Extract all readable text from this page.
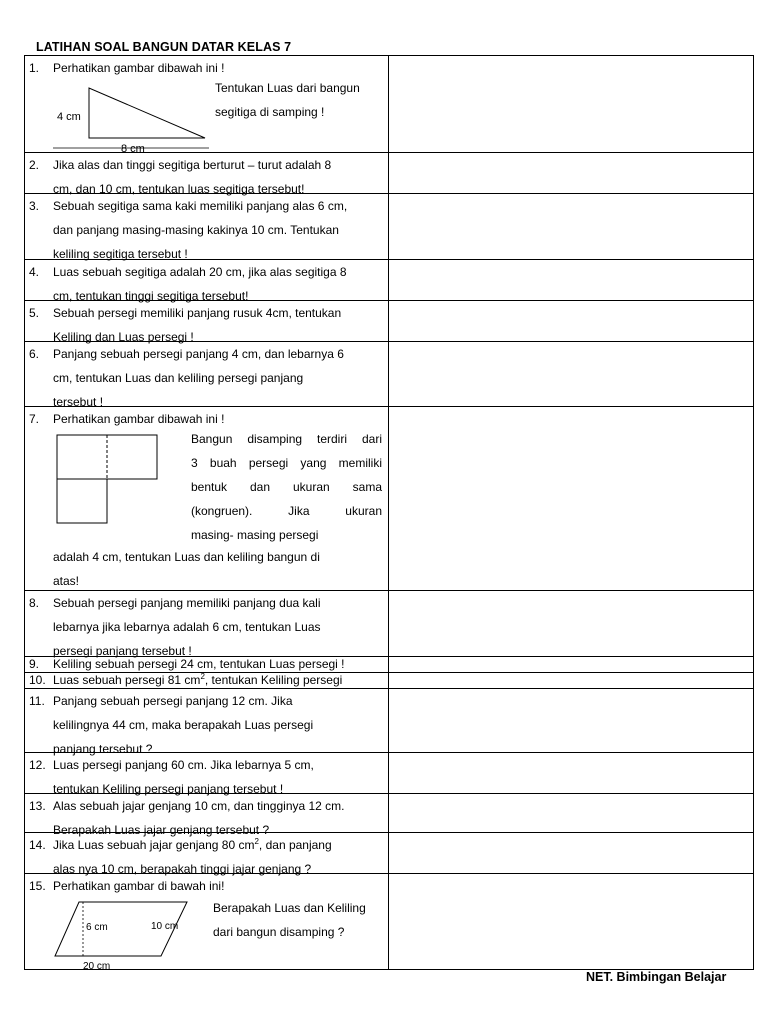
LATIHAN SOAL BANGUN DATAR KELAS 7
1. Perhatikan gambar dibawah ini !
4 cm
8 cm
Tentukan Luas dari bangun
segitiga di samping !
2. Jika alas dan tinggi segitiga berturut – turut adalah 8
cm, dan 10 cm, tentukan luas segitiga tersebut!
3. Sebuah segitiga sama kaki memiliki panjang alas 6 cm,
dan panjang masing-masing kakinya 10 cm. Tentukan
keliling segitiga tersebut !
4. Luas sebuah segitiga adalah 20 cm, jika alas segitiga 8
cm, tentukan tinggi segitiga tersebut!
5. Sebuah persegi memiliki panjang rusuk 4cm, tentukan
Keliling dan Luas persegi !
6. Panjang sebuah persegi panjang 4 cm, dan lebarnya 6
cm, tentukan Luas dan keliling persegi panjang
tersebut !
7. Perhatikan gambar dibawah ini !
Bangun disamping terdiri dari
3 buah persegi yang memiliki
bentuk dan ukuran sama
(kongruen). Jika ukuran
masing- masing persegi
adalah 4 cm, tentukan Luas dan keliling bangun di
atas!
8. Sebuah persegi panjang memiliki panjang dua kali
lebarnya jika lebarnya adalah 6 cm, tentukan Luas
persegi panjang tersebut !
9. Keliling sebuah persegi 24 cm, tentukan Luas persegi !
10. Luas sebuah persegi 81 $cm^2$, tentukan Keliling persegi
11. Panjang sebuah persegi panjang 12 cm. Jika
kelilingnya 44 cm, maka berapakah Luas persegi
panjang tersebut ?
12. Luas persegi panjang 60 cm. Jika lebarnya 5 cm,
tentukan Keliling persegi panjang tersebut !
13. Alas sebuah jajar genjang 10 cm, dan tingginya 12 cm.
Berapakah Luas jajar genjang tersebut ?
14. Jika Luas sebuah jajar genjang 80 $cm^2$, dan panjang
alas nya 10 cm, berapakah tinggi jajar genjang ?
15. Perhatikan gambar di bawah ini!
6 cm	10 cm
20 cm
Berapakah Luas dan Keliling
dari bangun disamping ?
NET. Bimbingan Belajar
